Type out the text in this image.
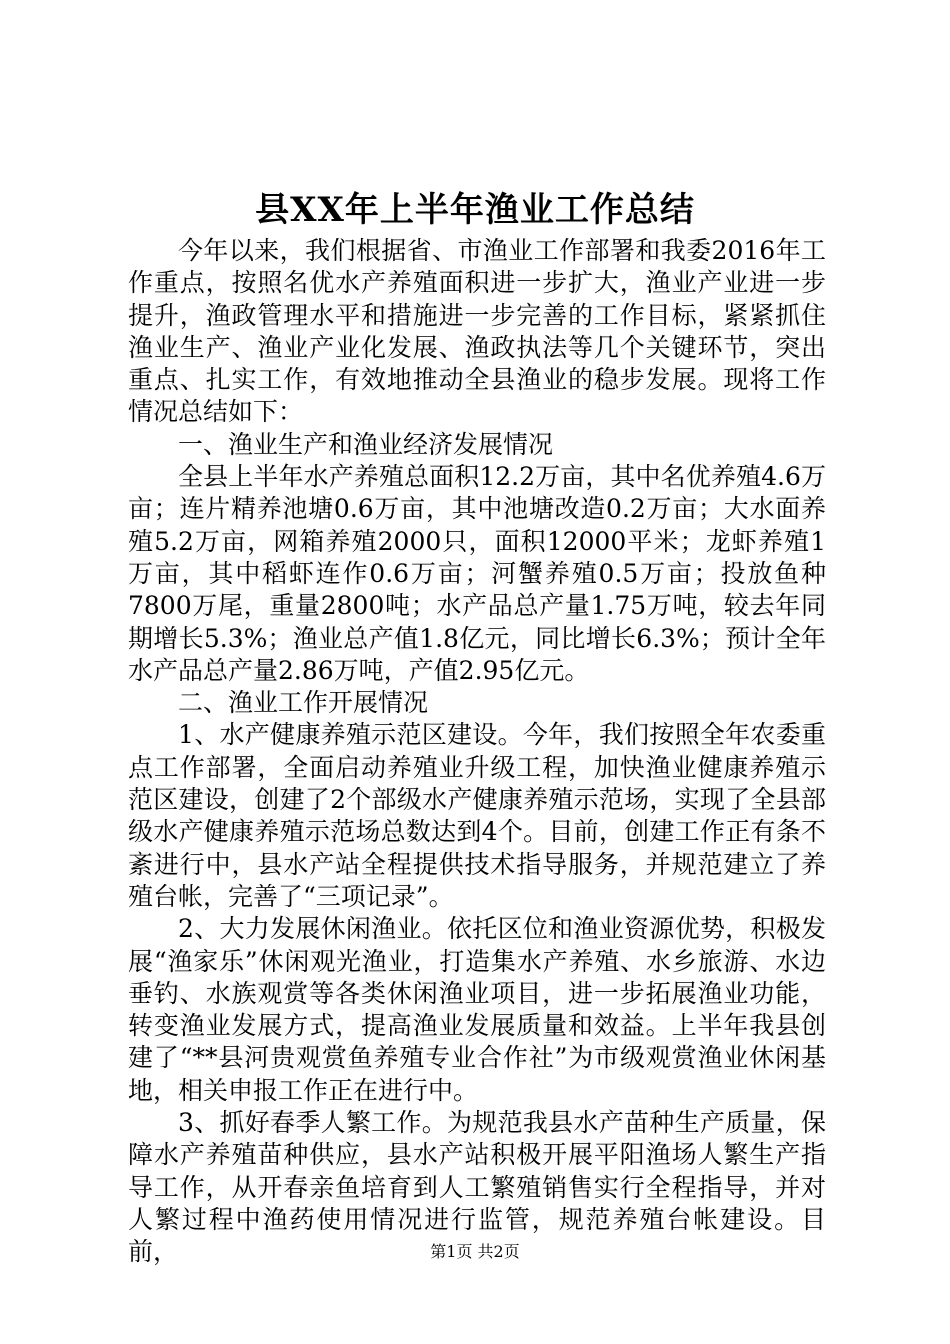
县XX年上半年渔业工作总结

今年以来，我们根据省、市渔业工作部署和我委2016年工作重点，按照名优水产养殖面积进一步扩大，渔业产业进一步提升，渔政管理水平和措施进一步完善的工作目标，紧紧抓住渔业生产、渔业产业化发展、渔政执法等几个关键环节，突出重点、扎实工作，有效地推动全县渔业的稳步发展。现将工作情况总结如下：

一、渔业生产和渔业经济发展情况

全县上半年水产养殖总面积12.2万亩，其中名优养殖4.6万亩；连片精养池塘0.6万亩，其中池塘改造0.2万亩；大水面养殖5.2万亩，网箱养殖2000只，面积12000平米；龙虾养殖1万亩，其中稻虾连作0.6万亩；河蟹养殖0.5万亩；投放鱼种7800万尾，重量2800吨；水产品总产量1.75万吨，较去年同期增长5.3%；渔业总产值1.8亿元，同比增长6.3%；预计全年水产品总产量2.86万吨，产值2.95亿元。

二、渔业工作开展情况

1、水产健康养殖示范区建设。今年，我们按照全年农委重点工作部署，全面启动养殖业升级工程，加快渔业健康养殖示范区建设，创建了2个部级水产健康养殖示范场，实现了全县部级水产健康养殖示范场总数达到4个。目前，创建工作正有条不紊进行中，县水产站全程提供技术指导服务，并规范建立了养殖台帐，完善了“三项记录”。

2、大力发展休闲渔业。依托区位和渔业资源优势，积极发展“渔家乐”休闲观光渔业，打造集水产养殖、水乡旅游、水边垂钓、水族观赏等各类休闲渔业项目，进一步拓展渔业功能，转变渔业发展方式，提高渔业发展质量和效益。上半年我县创建了“**县河贵观赏鱼养殖专业合作社”为市级观赏渔业休闲基地，相关申报工作正在进行中。

3、抓好春季人繁工作。为规范我县水产苗种生产质量，保障水产养殖苗种供应，县水产站积极开展平阳渔场人繁生产指导工作，从开春亲鱼培育到人工繁殖销售实行全程指导，并对人繁过程中渔药使用情况进行监管，规范养殖台帐建设。目前，	第1页 共2页
